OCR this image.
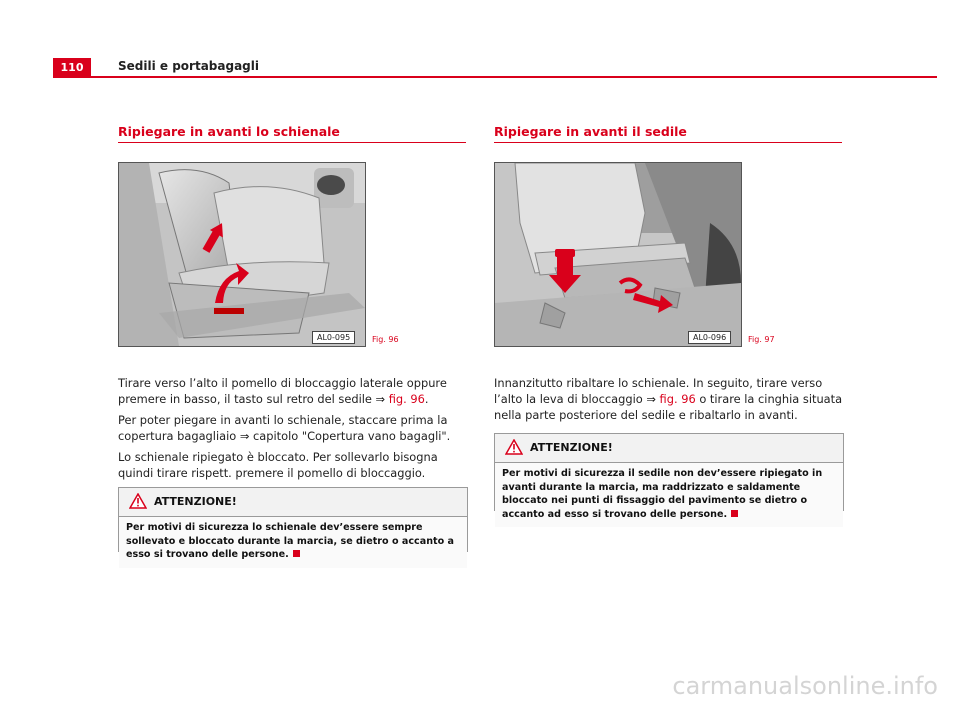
110	Sedili e portabagagli
Ripiegare in avanti lo schienale
AL0-095	Fig. 96

Tirare verso l’alto il pomello di bloccaggio laterale oppure premere in basso, il tasto sul retro del sedile ⇒ fig. 96.

Per poter piegare in avanti lo schienale, staccare prima la copertura bagagliaio ⇒ capitolo "Copertura vano bagagli".

Lo schienale ripiegato è bloccato. Per sollevarlo bisogna quindi tirare rispett. premere il pomello di bloccaggio.

ATTENZIONE!
Per motivi di sicurezza lo schienale dev’essere sempre sollevato e bloccato durante la marcia, se dietro o accanto a esso si trovano delle persone.
Ripiegare in avanti il sedile
AL0-096	Fig. 97

Innanzitutto ribaltare lo schienale. In seguito, tirare verso l’alto la leva di bloccaggio ⇒ fig. 96 o tirare la cinghia situata nella parte posteriore del sedile e ribaltarlo in avanti.

ATTENZIONE!
Per motivi di sicurezza il sedile non dev’essere ripiegato in avanti durante la marcia, ma raddrizzato e saldamente bloccato nei punti di fissaggio del pavimento se dietro o accanto ad esso si trovano delle persone.
carmanualsonline.info
